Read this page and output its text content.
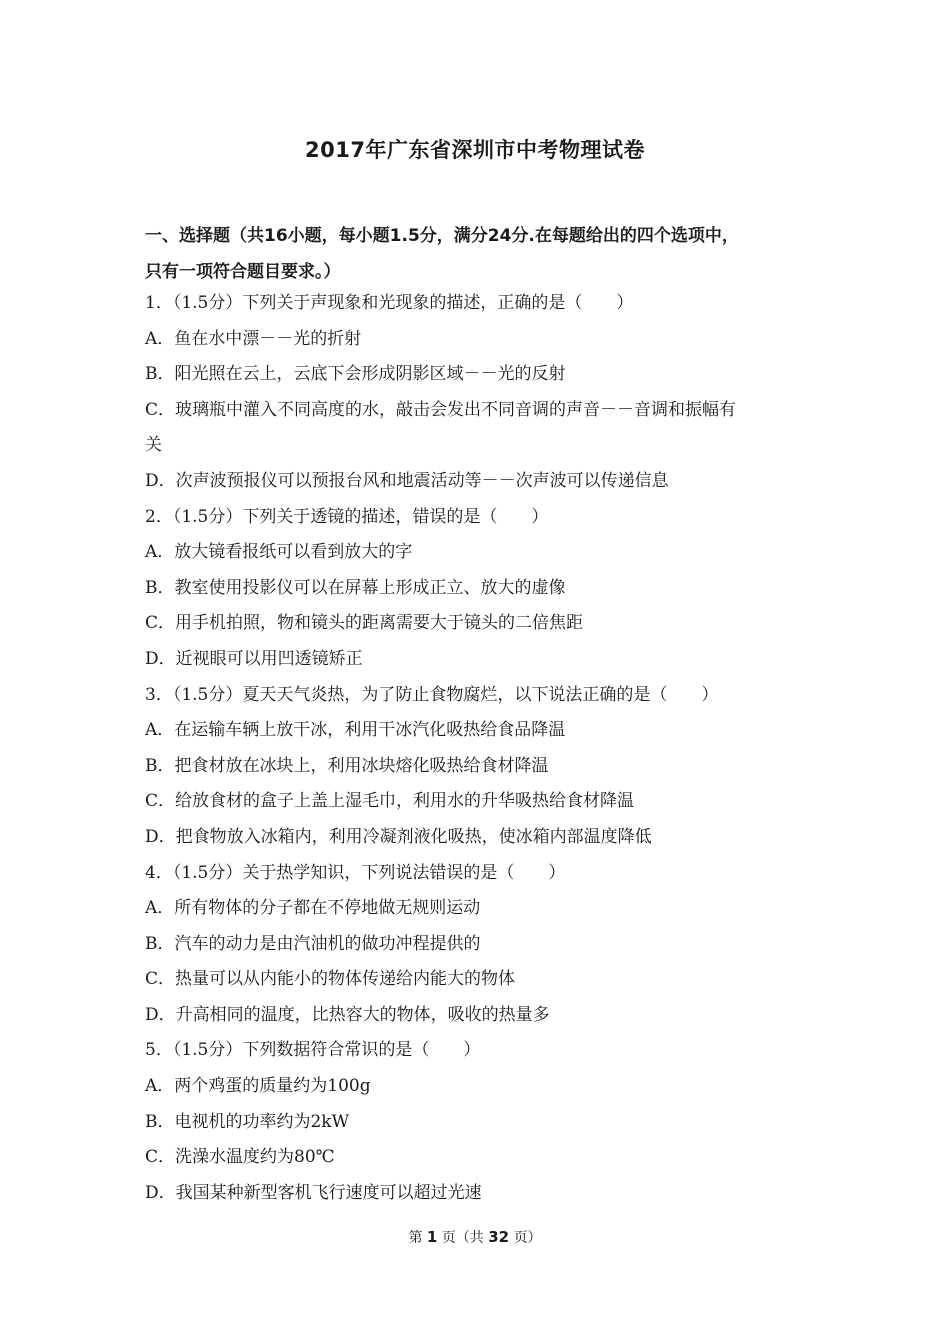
2017年广东省深圳市中考物理试卷
一、选择题（共16小题，每小题1.5分，满分24分.在每题给出的四个选项中，
只有一项符合题目要求。）
1．（1.5分）下列关于声现象和光现象的描述，正确的是（　　）
A．鱼在水中漂－－光的折射
B．阳光照在云上，云底下会形成阴影区域－－光的反射
C．玻璃瓶中灌入不同高度的水，敲击会发出不同音调的声音－－音调和振幅有
关
D．次声波预报仪可以预报台风和地震活动等－－次声波可以传递信息
2．（1.5分）下列关于透镜的描述，错误的是（　　）
A．放大镜看报纸可以看到放大的字
B．教室使用投影仪可以在屏幕上形成正立、放大的虚像
C．用手机拍照，物和镜头的距离需要大于镜头的二倍焦距
D．近视眼可以用凹透镜矫正
3．（1.5分）夏天天气炎热，为了防止食物腐烂，以下说法正确的是（　　）
A．在运输车辆上放干冰，利用干冰汽化吸热给食品降温
B．把食材放在冰块上，利用冰块熔化吸热给食材降温
C．给放食材的盒子上盖上湿毛巾，利用水的升华吸热给食材降温
D．把食物放入冰箱内，利用冷凝剂液化吸热，使冰箱内部温度降低
4．（1.5分）关于热学知识，下列说法错误的是（　　）
A．所有物体的分子都在不停地做无规则运动
B．汽车的动力是由汽油机的做功冲程提供的
C．热量可以从内能小的物体传递给内能大的物体
D．升高相同的温度，比热容大的物体，吸收的热量多
5．（1.5分）下列数据符合常识的是（　　）
A．两个鸡蛋的质量约为100g
B．电视机的功率约为2kW
C．洗澡水温度约为80℃
D．我国某种新型客机飞行速度可以超过光速
第 1 页（共 32 页）
